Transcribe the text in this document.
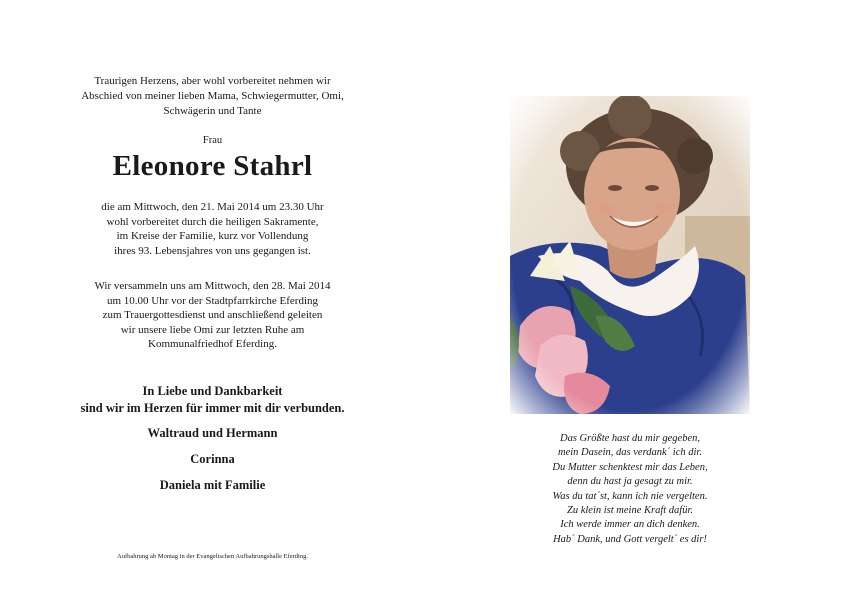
Traurigen Herzens, aber wohl vorbereitet nehmen wir
Abschied von meiner lieben Mama, Schwiegermutter, Omi,
Schwägerin und Tante
Frau
Eleonore Stahrl
die am Mittwoch, den 21. Mai 2014 um 23.30 Uhr
wohl vorbereitet durch die heiligen Sakramente,
im Kreise der Familie, kurz vor Vollendung
ihres 93. Lebensjahres von uns gegangen ist.
Wir versammeln uns am Mittwoch, den 28. Mai 2014
um 10.00 Uhr vor der Stadtpfarrkirche Eferding
zum Trauergottesdienst und anschließend geleiten
wir unsere liebe Omi zur letzten Ruhe am
Kommunalfriedhof Eferding.
In Liebe und Dankbarkeit
sind wir im Herzen für immer mit dir verbunden.
Waltraud und Hermann
Corinna
Daniela mit Familie
Aufbahrung ab Montag in der Evangelischen Aufbahrungshalle Eferding.
Das Größte hast du mir gegeben,
mein Dasein, das verdank´ ich dir.
Du Mutter schenktest mir das Leben,
denn du hast ja gesagt zu mir.
Was du tat´st, kann ich nie vergelten.
Zu klein ist meine Kraft dafür.
Ich werde immer an dich denken.
Hab´ Dank, und Gott vergelt´ es dir!
